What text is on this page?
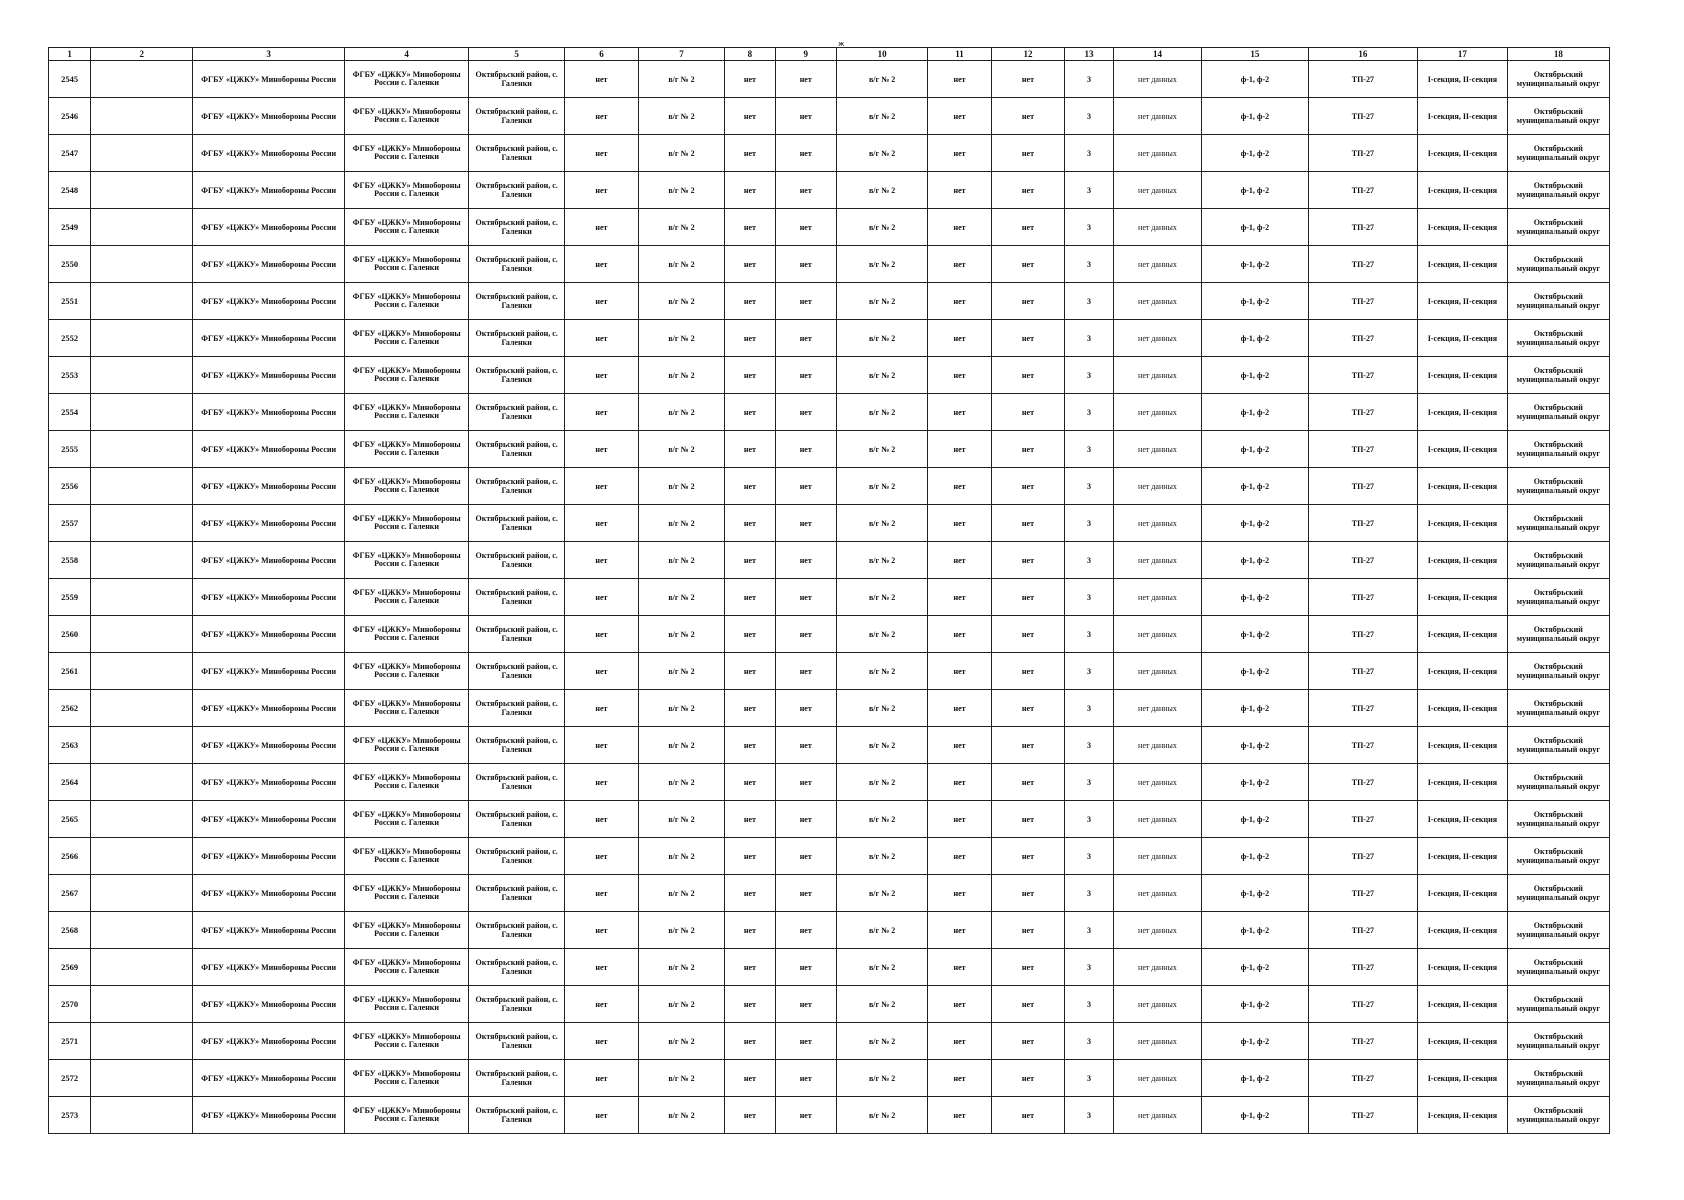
ж
1	2	3	4	5	6	7	8	9	10	11	12	13	14	15	16	17	18
2545		ФГБУ «ЦЖКУ» Минобороны России	ФГБУ «ЦЖКУ» Минобороны России с. Галенки	Октябрьский район, с. Галенки	нет	в/г № 2	нет	нет	в/г № 2	нет	нет	3	нет данных	ф-1, ф-2	ТП-27	I-секция, II-секция	Октябрьский муниципальный округ
2546		ФГБУ «ЦЖКУ» Минобороны России	ФГБУ «ЦЖКУ» Минобороны России с. Галенки	Октябрьский район, с. Галенки	нет	в/г № 2	нет	нет	в/г № 2	нет	нет	3	нет данных	ф-1, ф-2	ТП-27	I-секция, II-секция	Октябрьский муниципальный округ
2547		ФГБУ «ЦЖКУ» Минобороны России	ФГБУ «ЦЖКУ» Минобороны России с. Галенки	Октябрьский район, с. Галенки	нет	в/г № 2	нет	нет	в/г № 2	нет	нет	3	нет данных	ф-1, ф-2	ТП-27	I-секция, II-секция	Октябрьский муниципальный округ
2548		ФГБУ «ЦЖКУ» Минобороны России	ФГБУ «ЦЖКУ» Минобороны России с. Галенки	Октябрьский район, с. Галенки	нет	в/г № 2	нет	нет	в/г № 2	нет	нет	3	нет данных	ф-1, ф-2	ТП-27	I-секция, II-секция	Октябрьский муниципальный округ
2549		ФГБУ «ЦЖКУ» Минобороны России	ФГБУ «ЦЖКУ» Минобороны России с. Галенки	Октябрьский район, с. Галенки	нет	в/г № 2	нет	нет	в/г № 2	нет	нет	3	нет данных	ф-1, ф-2	ТП-27	I-секция, II-секция	Октябрьский муниципальный округ
2550		ФГБУ «ЦЖКУ» Минобороны России	ФГБУ «ЦЖКУ» Минобороны России с. Галенки	Октябрьский район, с. Галенки	нет	в/г № 2	нет	нет	в/г № 2	нет	нет	3	нет данных	ф-1, ф-2	ТП-27	I-секция, II-секция	Октябрьский муниципальный округ
2551		ФГБУ «ЦЖКУ» Минобороны России	ФГБУ «ЦЖКУ» Минобороны России с. Галенки	Октябрьский район, с. Галенки	нет	в/г № 2	нет	нет	в/г № 2	нет	нет	3	нет данных	ф-1, ф-2	ТП-27	I-секция, II-секция	Октябрьский муниципальный округ
2552		ФГБУ «ЦЖКУ» Минобороны России	ФГБУ «ЦЖКУ» Минобороны России с. Галенки	Октябрьский район, с. Галенки	нет	в/г № 2	нет	нет	в/г № 2	нет	нет	3	нет данных	ф-1, ф-2	ТП-27	I-секция, II-секция	Октябрьский муниципальный округ
2553		ФГБУ «ЦЖКУ» Минобороны России	ФГБУ «ЦЖКУ» Минобороны России с. Галенки	Октябрьский район, с. Галенки	нет	в/г № 2	нет	нет	в/г № 2	нет	нет	3	нет данных	ф-1, ф-2	ТП-27	I-секция, II-секция	Октябрьский муниципальный округ
2554		ФГБУ «ЦЖКУ» Минобороны России	ФГБУ «ЦЖКУ» Минобороны России с. Галенки	Октябрьский район, с. Галенки	нет	в/г № 2	нет	нет	в/г № 2	нет	нет	3	нет данных	ф-1, ф-2	ТП-27	I-секция, II-секция	Октябрьский муниципальный округ
2555		ФГБУ «ЦЖКУ» Минобороны России	ФГБУ «ЦЖКУ» Минобороны России с. Галенки	Октябрьский район, с. Галенки	нет	в/г № 2	нет	нет	в/г № 2	нет	нет	3	нет данных	ф-1, ф-2	ТП-27	I-секция, II-секция	Октябрьский муниципальный округ
2556		ФГБУ «ЦЖКУ» Минобороны России	ФГБУ «ЦЖКУ» Минобороны России с. Галенки	Октябрьский район, с. Галенки	нет	в/г № 2	нет	нет	в/г № 2	нет	нет	3	нет данных	ф-1, ф-2	ТП-27	I-секция, II-секция	Октябрьский муниципальный округ
2557		ФГБУ «ЦЖКУ» Минобороны России	ФГБУ «ЦЖКУ» Минобороны России с. Галенки	Октябрьский район, с. Галенки	нет	в/г № 2	нет	нет	в/г № 2	нет	нет	3	нет данных	ф-1, ф-2	ТП-27	I-секция, II-секция	Октябрьский муниципальный округ
2558		ФГБУ «ЦЖКУ» Минобороны России	ФГБУ «ЦЖКУ» Минобороны России с. Галенки	Октябрьский район, с. Галенки	нет	в/г № 2	нет	нет	в/г № 2	нет	нет	3	нет данных	ф-1, ф-2	ТП-27	I-секция, II-секция	Октябрьский муниципальный округ
2559		ФГБУ «ЦЖКУ» Минобороны России	ФГБУ «ЦЖКУ» Минобороны России с. Галенки	Октябрьский район, с. Галенки	нет	в/г № 2	нет	нет	в/г № 2	нет	нет	3	нет данных	ф-1, ф-2	ТП-27	I-секция, II-секция	Октябрьский муниципальный округ
2560		ФГБУ «ЦЖКУ» Минобороны России	ФГБУ «ЦЖКУ» Минобороны России с. Галенки	Октябрьский район, с. Галенки	нет	в/г № 2	нет	нет	в/г № 2	нет	нет	3	нет данных	ф-1, ф-2	ТП-27	I-секция, II-секция	Октябрьский муниципальный округ
2561		ФГБУ «ЦЖКУ» Минобороны России	ФГБУ «ЦЖКУ» Минобороны России с. Галенки	Октябрьский район, с. Галенки	нет	в/г № 2	нет	нет	в/г № 2	нет	нет	3	нет данных	ф-1, ф-2	ТП-27	I-секция, II-секция	Октябрьский муниципальный округ
2562		ФГБУ «ЦЖКУ» Минобороны России	ФГБУ «ЦЖКУ» Минобороны России с. Галенки	Октябрьский район, с. Галенки	нет	в/г № 2	нет	нет	в/г № 2	нет	нет	3	нет данных	ф-1, ф-2	ТП-27	I-секция, II-секция	Октябрьский муниципальный округ
2563		ФГБУ «ЦЖКУ» Минобороны России	ФГБУ «ЦЖКУ» Минобороны России с. Галенки	Октябрьский район, с. Галенки	нет	в/г № 2	нет	нет	в/г № 2	нет	нет	3	нет данных	ф-1, ф-2	ТП-27	I-секция, II-секция	Октябрьский муниципальный округ
2564		ФГБУ «ЦЖКУ» Минобороны России	ФГБУ «ЦЖКУ» Минобороны России с. Галенки	Октябрьский район, с. Галенки	нет	в/г № 2	нет	нет	в/г № 2	нет	нет	3	нет данных	ф-1, ф-2	ТП-27	I-секция, II-секция	Октябрьский муниципальный округ
2565		ФГБУ «ЦЖКУ» Минобороны России	ФГБУ «ЦЖКУ» Минобороны России с. Галенки	Октябрьский район, с. Галенки	нет	в/г № 2	нет	нет	в/г № 2	нет	нет	3	нет данных	ф-1, ф-2	ТП-27	I-секция, II-секция	Октябрьский муниципальный округ
2566		ФГБУ «ЦЖКУ» Минобороны России	ФГБУ «ЦЖКУ» Минобороны России с. Галенки	Октябрьский район, с. Галенки	нет	в/г № 2	нет	нет	в/г № 2	нет	нет	3	нет данных	ф-1, ф-2	ТП-27	I-секция, II-секция	Октябрьский муниципальный округ
2567		ФГБУ «ЦЖКУ» Минобороны России	ФГБУ «ЦЖКУ» Минобороны России с. Галенки	Октябрьский район, с. Галенки	нет	в/г № 2	нет	нет	в/г № 2	нет	нет	3	нет данных	ф-1, ф-2	ТП-27	I-секция, II-секция	Октябрьский муниципальный округ
2568		ФГБУ «ЦЖКУ» Минобороны России	ФГБУ «ЦЖКУ» Минобороны России с. Галенки	Октябрьский район, с. Галенки	нет	в/г № 2	нет	нет	в/г № 2	нет	нет	3	нет данных	ф-1, ф-2	ТП-27	I-секция, II-секция	Октябрьский муниципальный округ
2569		ФГБУ «ЦЖКУ» Минобороны России	ФГБУ «ЦЖКУ» Минобороны России с. Галенки	Октябрьский район, с. Галенки	нет	в/г № 2	нет	нет	в/г № 2	нет	нет	3	нет данных	ф-1, ф-2	ТП-27	I-секция, II-секция	Октябрьский муниципальный округ
2570		ФГБУ «ЦЖКУ» Минобороны России	ФГБУ «ЦЖКУ» Минобороны России с. Галенки	Октябрьский район, с. Галенки	нет	в/г № 2	нет	нет	в/г № 2	нет	нет	3	нет данных	ф-1, ф-2	ТП-27	I-секция, II-секция	Октябрьский муниципальный округ
2571		ФГБУ «ЦЖКУ» Минобороны России	ФГБУ «ЦЖКУ» Минобороны России с. Галенки	Октябрьский район, с. Галенки	нет	в/г № 2	нет	нет	в/г № 2	нет	нет	3	нет данных	ф-1, ф-2	ТП-27	I-секция, II-секция	Октябрьский муниципальный округ
2572		ФГБУ «ЦЖКУ» Минобороны России	ФГБУ «ЦЖКУ» Минобороны России с. Галенки	Октябрьский район, с. Галенки	нет	в/г № 2	нет	нет	в/г № 2	нет	нет	3	нет данных	ф-1, ф-2	ТП-27	I-секция, II-секция	Октябрьский муниципальный округ
2573		ФГБУ «ЦЖКУ» Минобороны России	ФГБУ «ЦЖКУ» Минобороны России с. Галенки	Октябрьский район, с. Галенки	нет	в/г № 2	нет	нет	в/г № 2	нет	нет	3	нет данных	ф-1, ф-2	ТП-27	I-секция, II-секция	Октябрьский муниципальный округ
